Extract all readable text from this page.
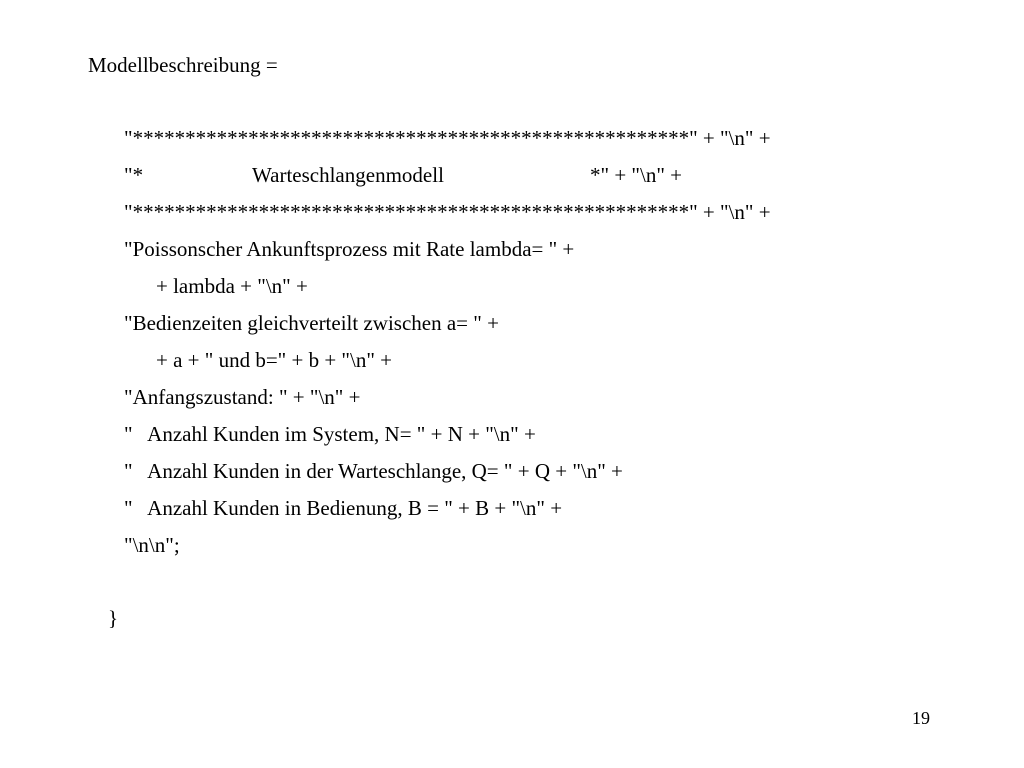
Modellbeschreibung =
"*****************************************************" + "\n" +
"*	Warteschlangenmodell	*" + "\n" +
"*****************************************************" + "\n" +
"Poissonscher Ankunftsprozess mit Rate lambda= " +
+ lambda + "\n" +
"Bedienzeiten gleichverteilt zwischen a= " +
+ a + " und b=" + b + "\n" +
"Anfangszustand: " + "\n" +
"   Anzahl Kunden im System, N= " + N + "\n" +
"   Anzahl Kunden in der Warteschlange, Q= " + Q + "\n" +
"   Anzahl Kunden in Bedienung, B = " + B + "\n" +
"\n\n";
}
19
